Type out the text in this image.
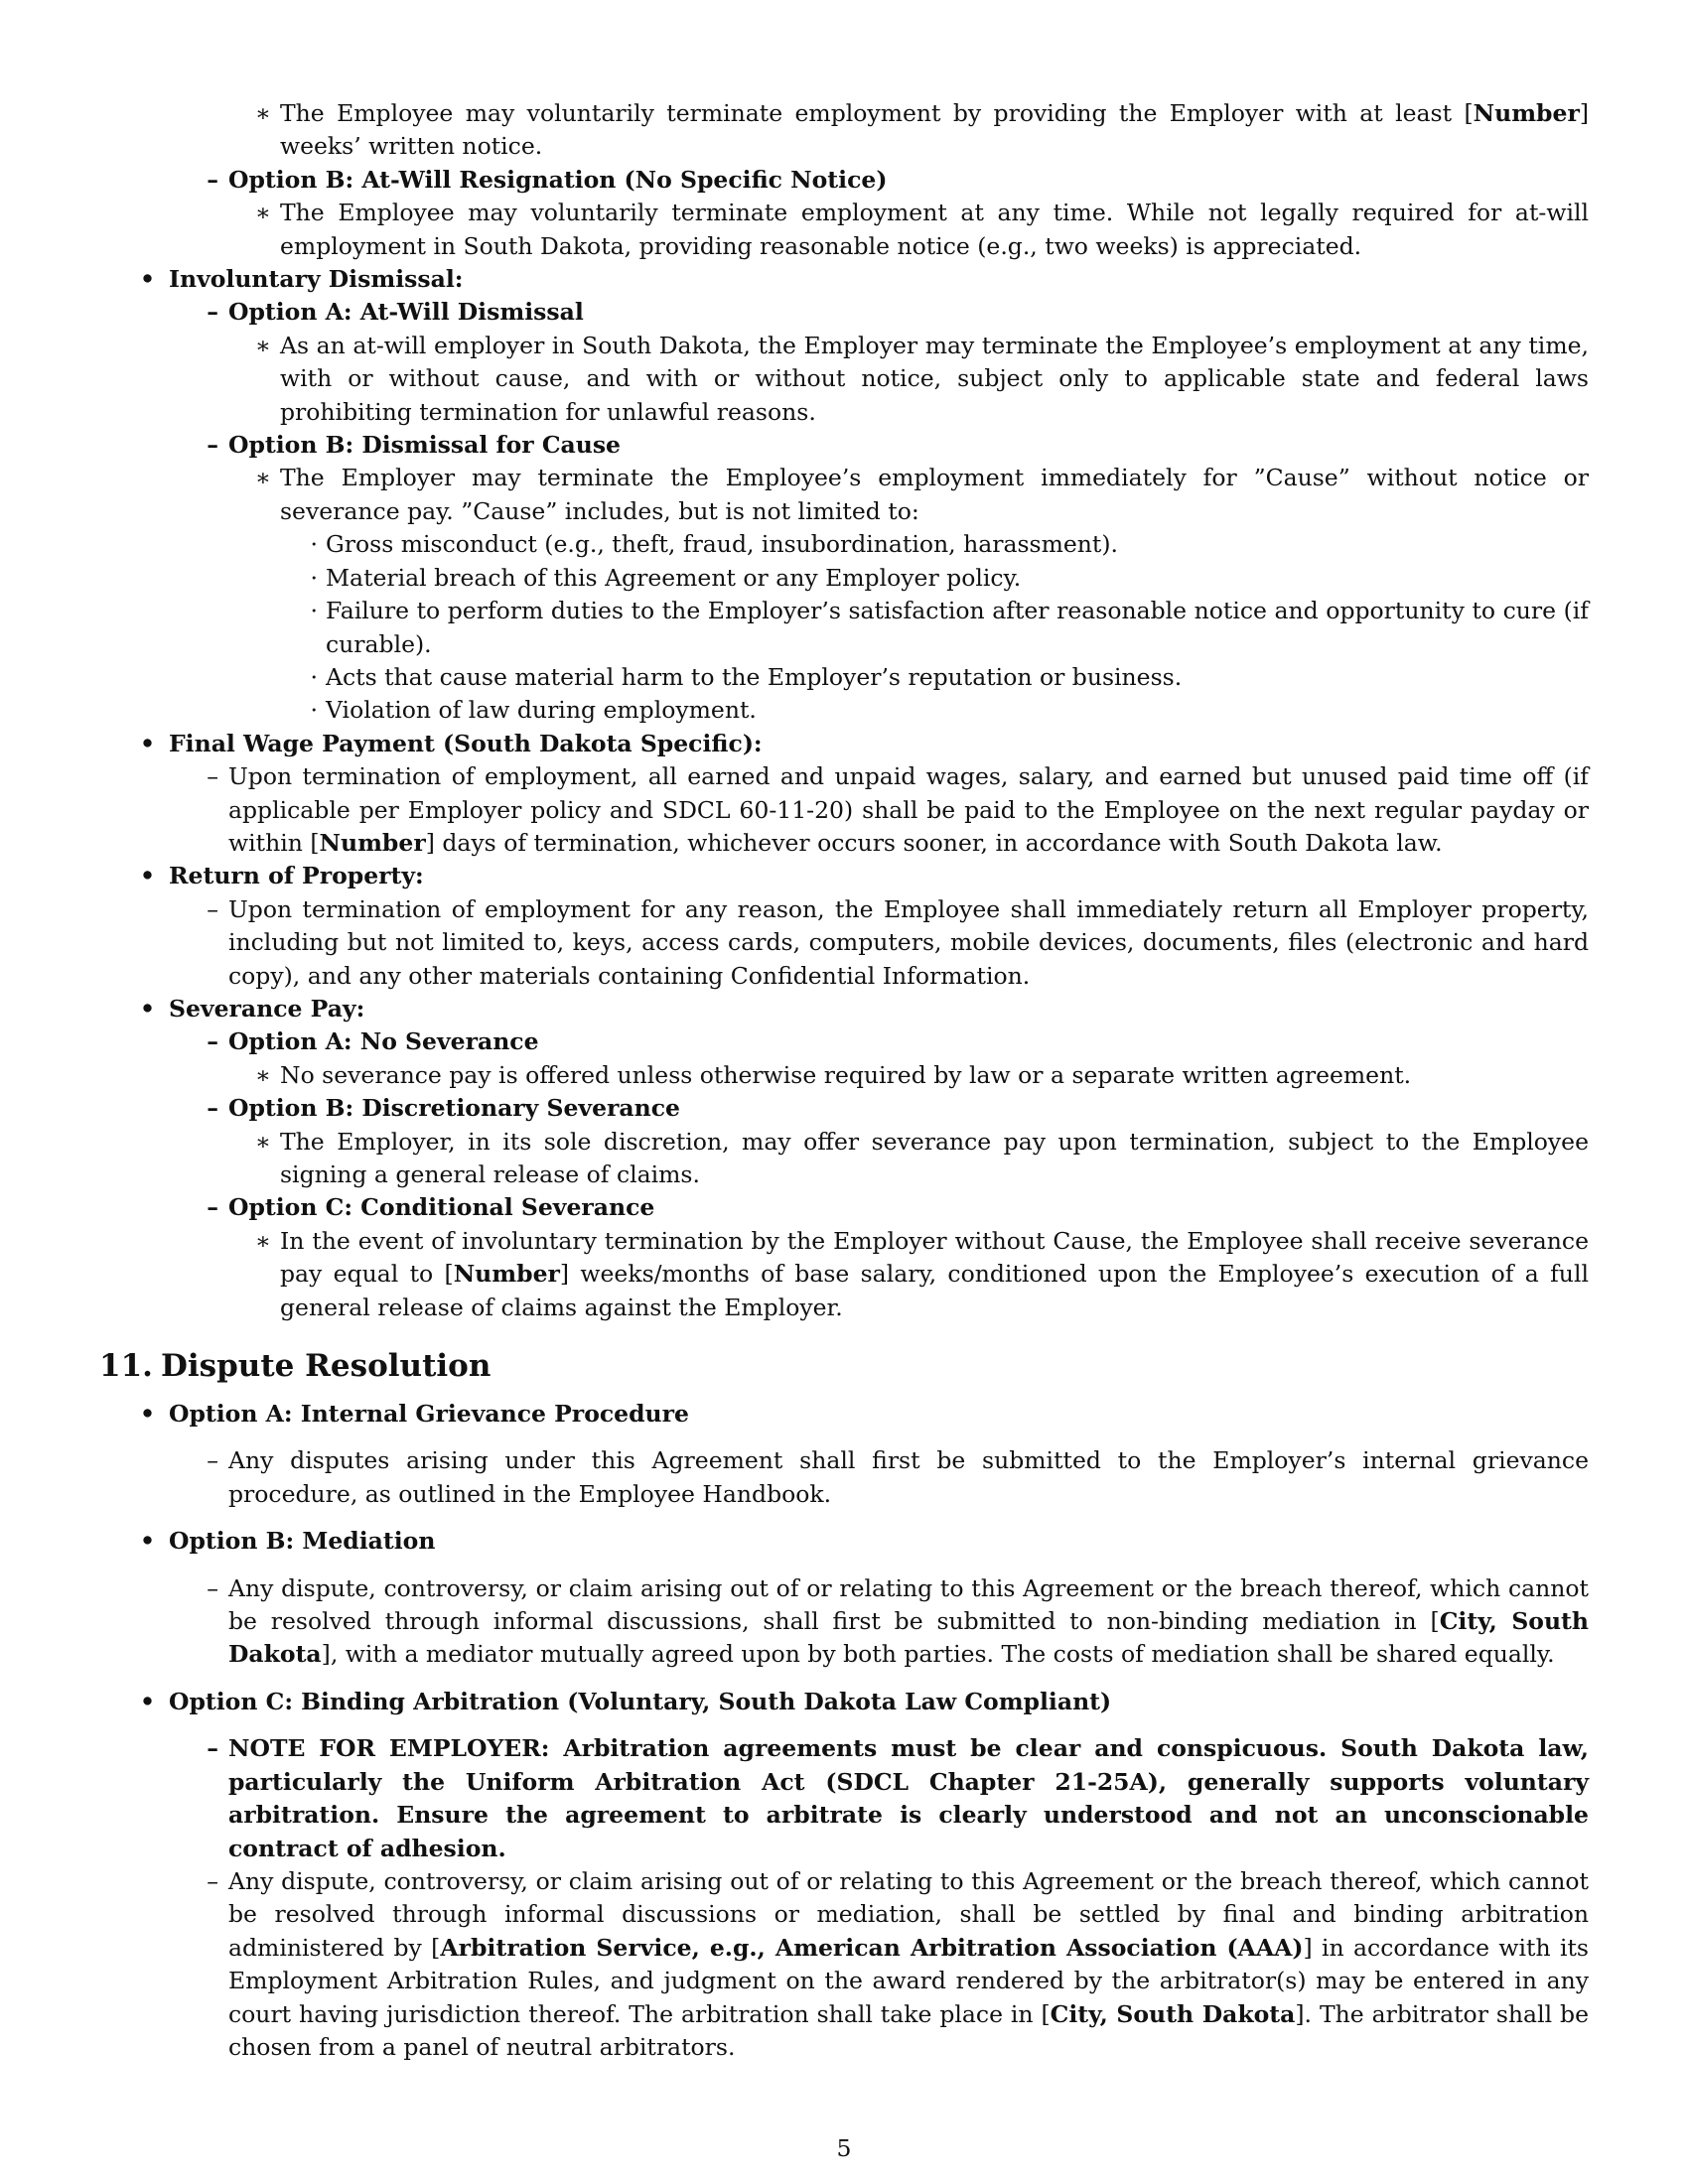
∗ The Employee may voluntarily terminate employment by providing the Employer with at least [Number] weeks’ written notice.
– Option B: At-Will Resignation (No Specific Notice)
∗ The Employee may voluntarily terminate employment at any time. While not legally required for at-will employment in South Dakota, providing reasonable notice (e.g., two weeks) is appreciated.
• Involuntary Dismissal:
– Option A: At-Will Dismissal
∗ As an at-will employer in South Dakota, the Employer may terminate the Employee’s employment at any time, with or without cause, and with or without notice, subject only to applicable state and federal laws prohibiting termination for unlawful reasons.
– Option B: Dismissal for Cause
∗ The Employer may terminate the Employee’s employment immediately for ”Cause” without notice or severance pay. ”Cause” includes, but is not limited to:
· Gross misconduct (e.g., theft, fraud, insubordination, harassment).
· Material breach of this Agreement or any Employer policy.
· Failure to perform duties to the Employer’s satisfaction after reasonable notice and opportunity to cure (if curable).
· Acts that cause material harm to the Employer’s reputation or business.
· Violation of law during employment.
• Final Wage Payment (South Dakota Specific):
– Upon termination of employment, all earned and unpaid wages, salary, and earned but unused paid time off (if applicable per Employer policy and SDCL 60-11-20) shall be paid to the Employee on the next regular payday or within [Number] days of termination, whichever occurs sooner, in accordance with South Dakota law.
• Return of Property:
– Upon termination of employment for any reason, the Employee shall immediately return all Employer property, including but not limited to, keys, access cards, computers, mobile devices, documents, files (electronic and hard copy), and any other materials containing Confidential Information.
• Severance Pay:
– Option A: No Severance
∗ No severance pay is offered unless otherwise required by law or a separate written agreement.
– Option B: Discretionary Severance
∗ The Employer, in its sole discretion, may offer severance pay upon termination, subject to the Employee signing a general release of claims.
– Option C: Conditional Severance
∗ In the event of involuntary termination by the Employer without Cause, the Employee shall receive severance pay equal to [Number] weeks/months of base salary, conditioned upon the Employee’s execution of a full general release of claims against the Employer.
11. Dispute Resolution
• Option A: Internal Grievance Procedure
– Any disputes arising under this Agreement shall first be submitted to the Employer’s internal grievance procedure, as outlined in the Employee Handbook.
• Option B: Mediation
– Any dispute, controversy, or claim arising out of or relating to this Agreement or the breach thereof, which cannot be resolved through informal discussions, shall first be submitted to non-binding mediation in [City, South Dakota], with a mediator mutually agreed upon by both parties. The costs of mediation shall be shared equally.
• Option C: Binding Arbitration (Voluntary, South Dakota Law Compliant)
– NOTE FOR EMPLOYER: Arbitration agreements must be clear and conspicuous. South Dakota law, particularly the Uniform Arbitration Act (SDCL Chapter 21-25A), generally supports voluntary arbitration. Ensure the agreement to arbitrate is clearly understood and not an unconscionable contract of adhesion.
– Any dispute, controversy, or claim arising out of or relating to this Agreement or the breach thereof, which cannot be resolved through informal discussions or mediation, shall be settled by final and binding arbitration administered by [Arbitration Service, e.g., American Arbitration Association (AAA)] in accordance with its Employment Arbitration Rules, and judgment on the award rendered by the arbitrator(s) may be entered in any court having jurisdiction thereof. The arbitration shall take place in [City, South Dakota]. The arbitrator shall be chosen from a panel of neutral arbitrators.
5
